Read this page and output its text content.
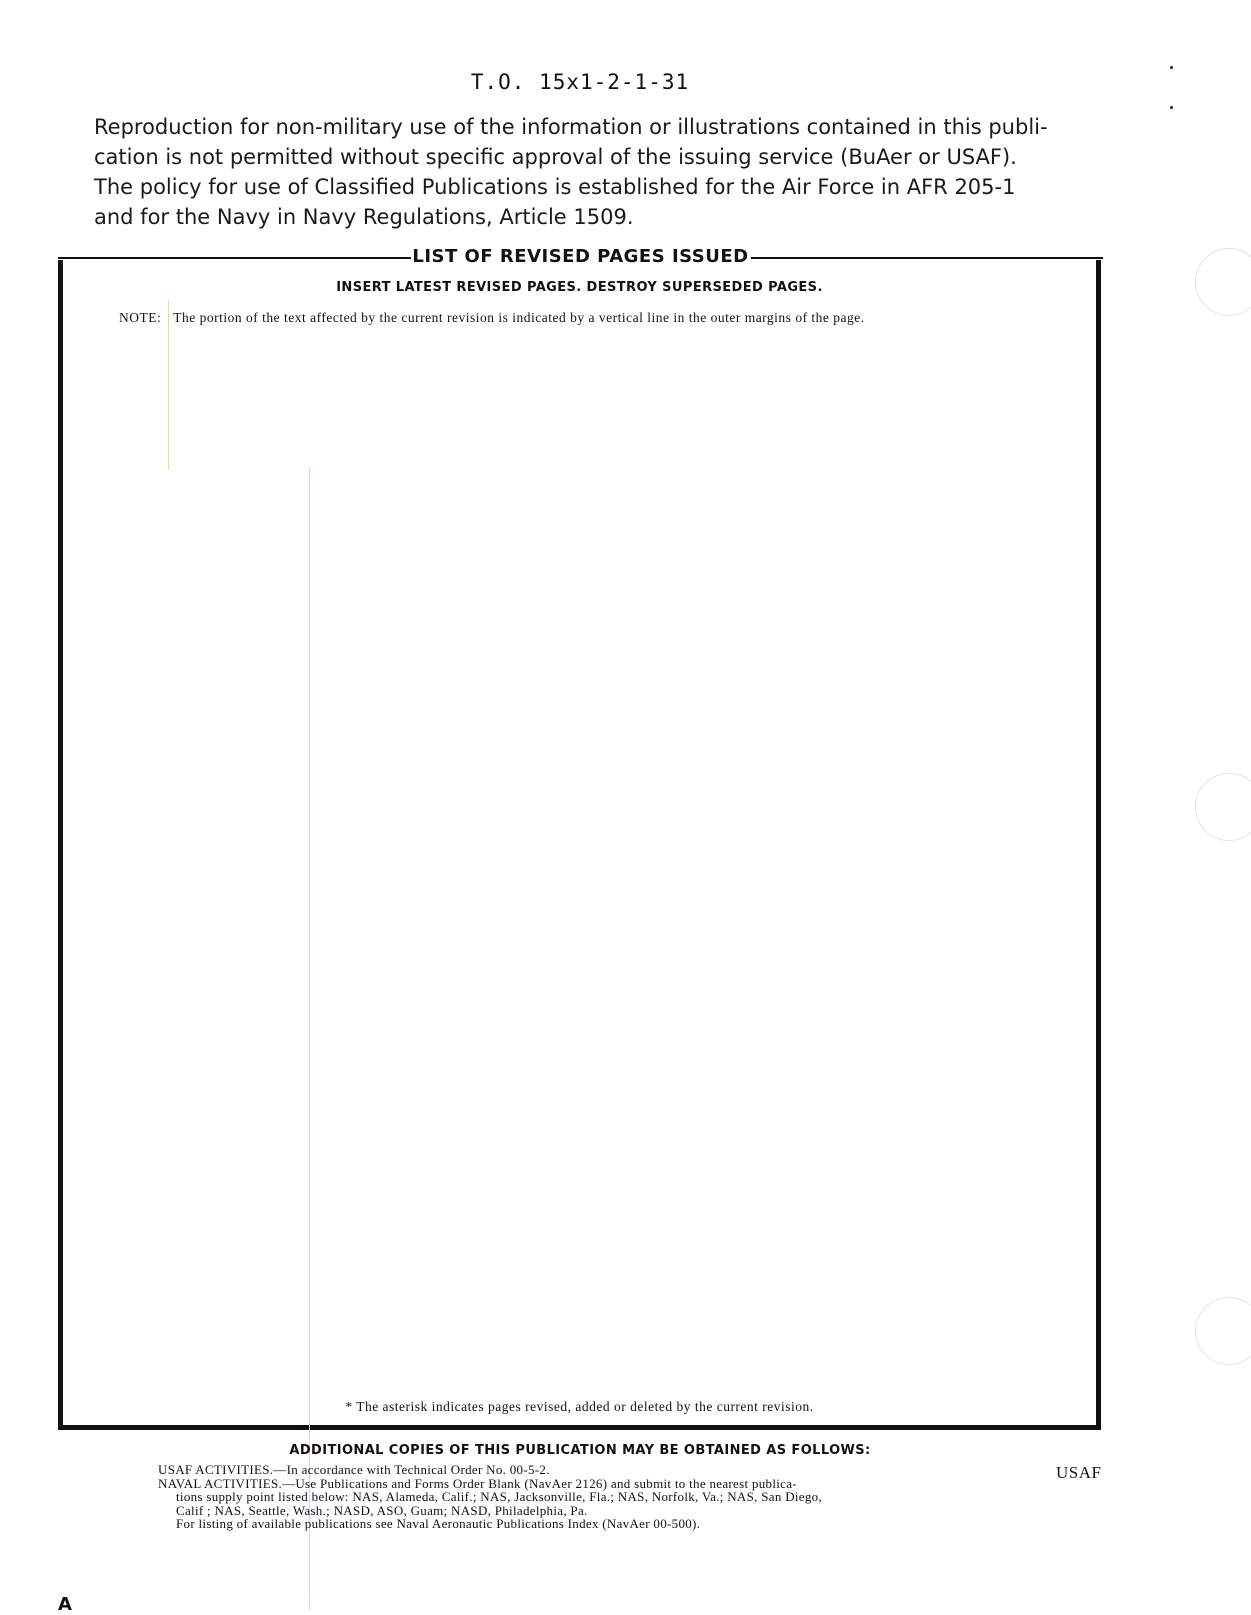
T.O. 15x1-2-1-31
Reproduction for non-military use of the information or illustrations contained in this publi-
cation is not permitted without specific approval of the issuing service (BuAer or USAF).
The policy for use of Classified Publications is established for the Air Force in AFR 205-1
and for the Navy in Navy Regulations, Article 1509.
LIST OF REVISED PAGES ISSUED
INSERT LATEST REVISED PAGES. DESTROY SUPERSEDED PAGES.
NOTE: The portion of the text affected by the current revision is indicated by a vertical line in the outer margins of the page.
* The asterisk indicates pages revised, added or deleted by the current revision.
ADDITIONAL COPIES OF THIS PUBLICATION MAY BE OBTAINED AS FOLLOWS:
USAF ACTIVITIES.—In accordance with Technical Order No. 00-5-2.
NAVAL ACTIVITIES.—Use Publications and Forms Order Blank (NavAer 2126) and submit to the nearest publica-
tions supply point listed below: NAS, Alameda, Calif.; NAS, Jacksonville, Fla.; NAS, Norfolk, Va.; NAS, San Diego,
Calif ; NAS, Seattle, Wash.; NASD, ASO, Guam; NASD, Philadelphia, Pa.
For listing of available publications see Naval Aeronautic Publications Index (NavAer 00-500).
USAF
A
